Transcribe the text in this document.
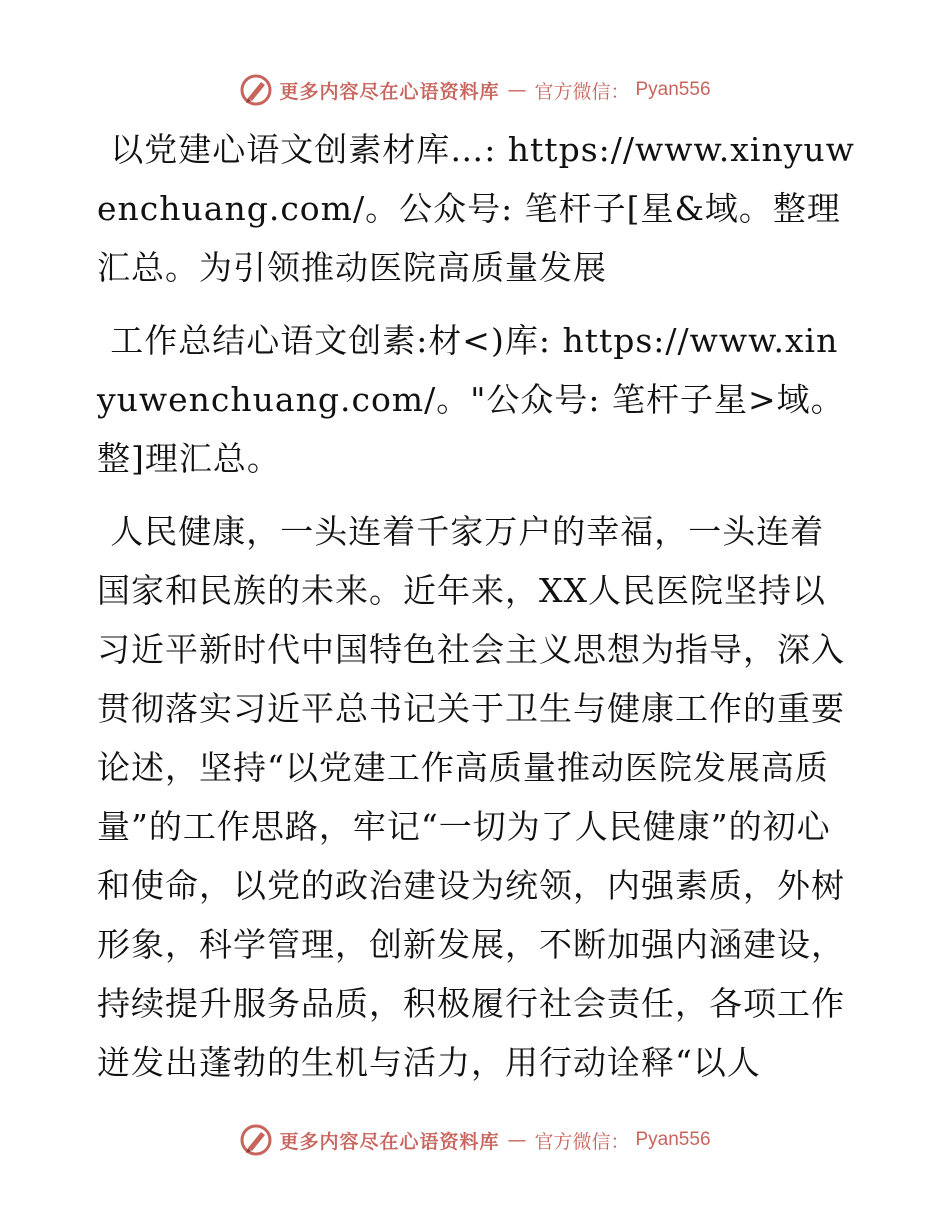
更多内容尽在心语资料库 — 官方微信： Pyan556

以党建心语文创素材库…: https://www.xinyuwenchuang.com/。公众号: 笔杆子[星&域。整理汇总。为引领推动医院高质量发展

工作总结心语文创素:材<)库: https://www.xinyuwenchuang.com/。"公众号: 笔杆子星>域。整]理汇总。

人民健康，一头连着千家万户的幸福，一头连着国家和民族的未来。近年来，XX人民医院坚持以习近平新时代中国特色社会主义思想为指导，深入贯彻落实习近平总书记关于卫生与健康工作的重要论述，坚持“以党建工作高质量推动医院发展高质量”的工作思路，牢记“一切为了人民健康”的初心和使命，以党的政治建设为统领，内强素质，外树形象，科学管理，创新发展，不断加强内涵建设，持续提升服务品质，积极履行社会责任，各项工作迸发出蓬勃的生机与活力，用行动诠释“以人

更多内容尽在心语资料库 — 官方微信： Pyan556
